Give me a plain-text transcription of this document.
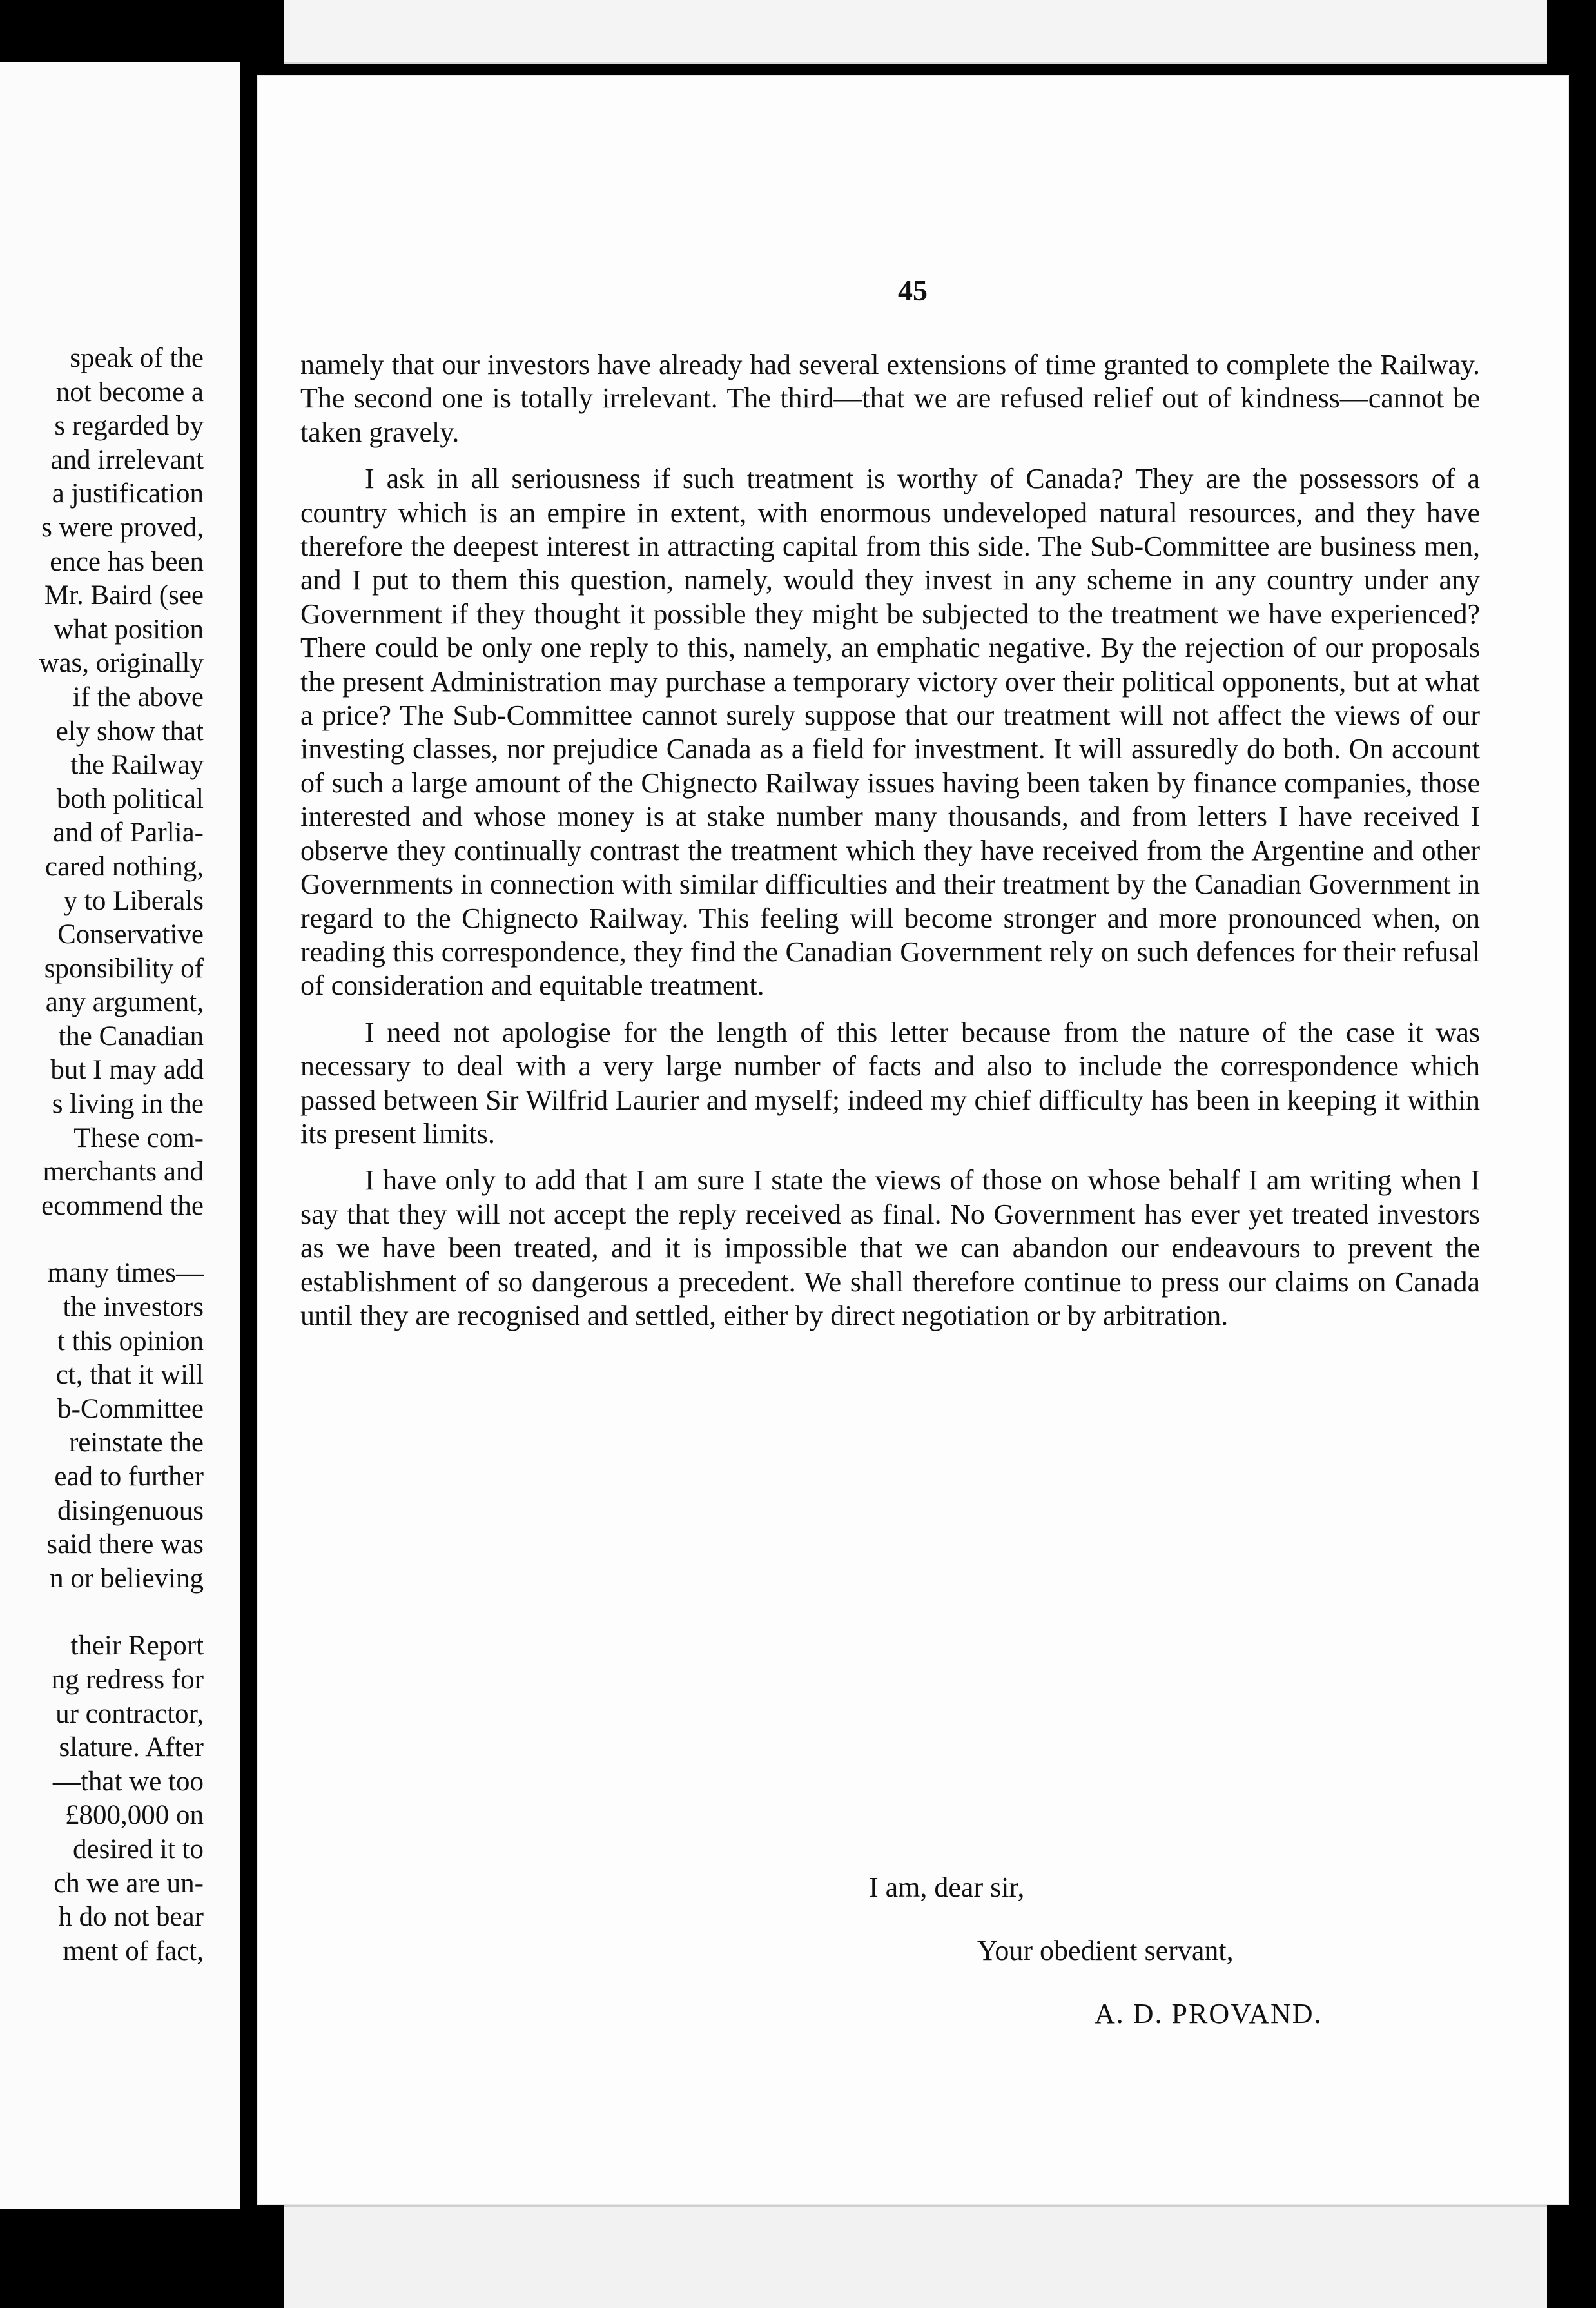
speak of the
not become a
s regarded by
and irrelevant
a justification
s were proved,
ence has been
Mr. Baird (see
what position
was, originally
if the above
ely show that
the Railway
both political
and of Parlia-
cared nothing,
y to Liberals
Conservative
sponsibility of
any argument,
the Canadian
but I may add
s living in the
These com-
merchants and
ecommend the
many times—
the investors
t this opinion
ct, that it will
b-Committee
reinstate the
ead to further
disingenuous
said there was
n or believing
their Report
ng redress for
ur contractor,
slature. After
—that we too
£800,000 on
desired it to
ch we are un-
h do not bear
ment of fact,
45

namely that our investors have already had several extensions of time granted to complete the Railway. The second one is totally irrelevant. The third—that we are refused relief out of kindness—cannot be taken gravely.

I ask in all seriousness if such treatment is worthy of Canada? They are the possessors of a country which is an empire in extent, with enormous undeveloped natural resources, and they have therefore the deepest interest in attracting capital from this side. The Sub-Committee are business men, and I put to them this question, namely, would they invest in any scheme in any country under any Government if they thought it possible they might be subjected to the treatment we have experienced? There could be only one reply to this, namely, an emphatic negative. By the rejection of our proposals the present Administration may purchase a temporary victory over their political opponents, but at what a price? The Sub-Committee cannot surely suppose that our treatment will not affect the views of our investing classes, nor prejudice Canada as a field for investment. It will assuredly do both. On account of such a large amount of the Chignecto Railway issues having been taken by finance companies, those interested and whose money is at stake number many thousands, and from letters I have received I observe they continually contrast the treatment which they have received from the Argentine and other Governments in connection with similar difficulties and their treatment by the Canadian Government in regard to the Chignecto Railway. This feeling will become stronger and more pronounced when, on reading this correspondence, they find the Canadian Government rely on such defences for their refusal of consideration and equitable treatment.

I need not apologise for the length of this letter because from the nature of the case it was necessary to deal with a very large number of facts and also to include the correspondence which passed between Sir Wilfrid Laurier and myself; indeed my chief difficulty has been in keeping it within its present limits.

I have only to add that I am sure I state the views of those on whose behalf I am writing when I say that they will not accept the reply received as final. No Government has ever yet treated investors as we have been treated, and it is impossible that we can abandon our endeavours to prevent the establishment of so dangerous a precedent. We shall therefore continue to press our claims on Canada until they are recognised and settled, either by direct negotiation or by arbitration.

I am, dear sir,
Your obedient servant,
A. D. PROVAND.
